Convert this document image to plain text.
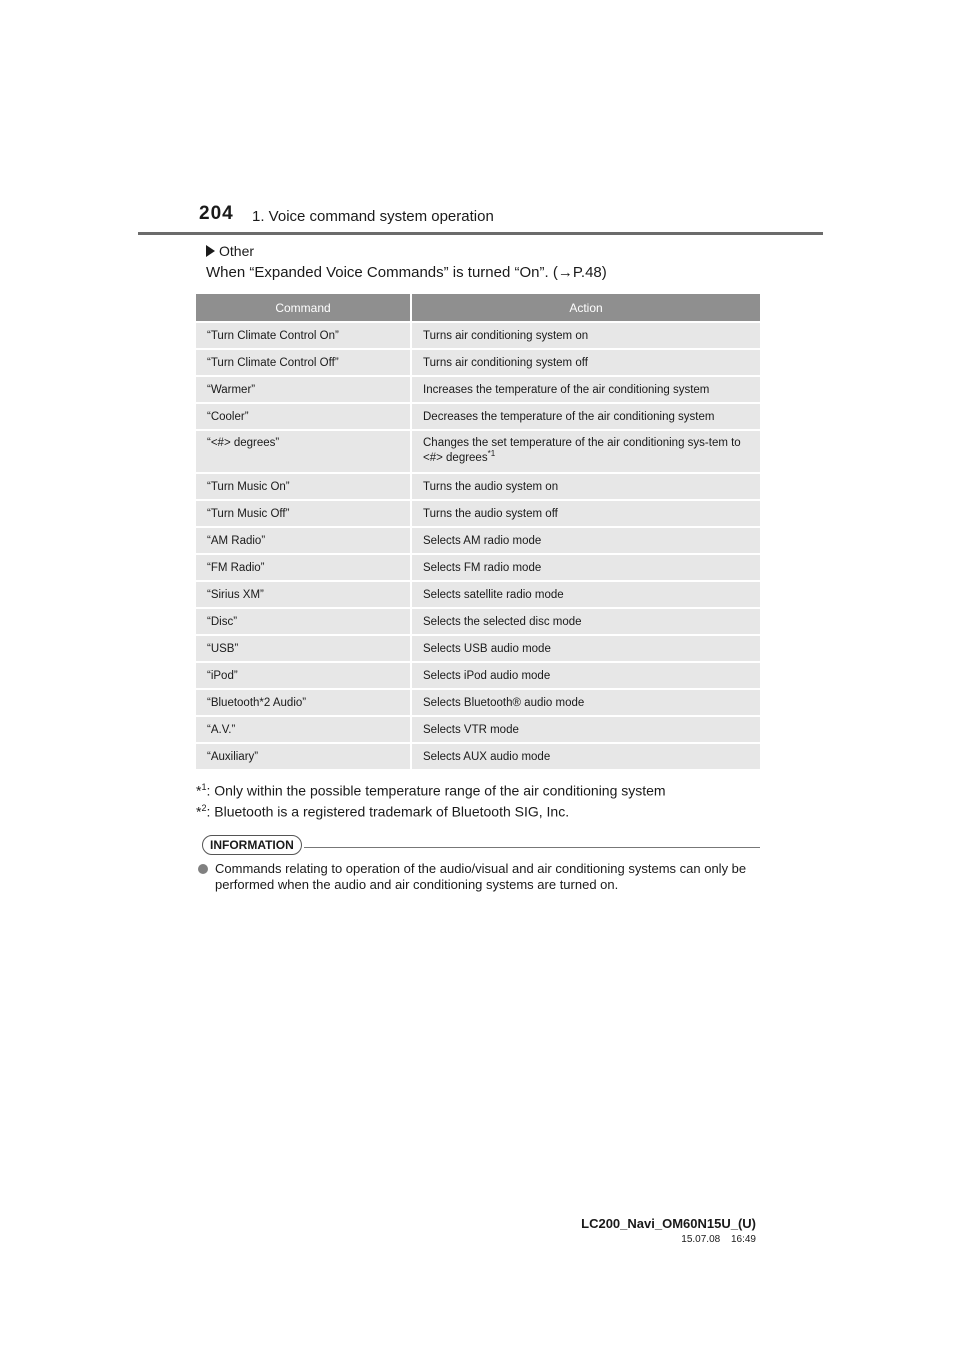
204 1. Voice command system operation
Other
When “Expanded Voice Commands” is turned “On”. (→P.48)
Command	Action
“Turn Climate Control On”	Turns air conditioning system on
“Turn Climate Control Off”	Turns air conditioning system off
“Warmer”	Increases the temperature of the air conditioning system
“Cooler”	Decreases the temperature of the air conditioning system
“<#> degrees”	Changes the set temperature of the air conditioning sys-tem to <#> degrees$^{*1}$
“Turn Music On”	Turns the audio system on
“Turn Music Off”	Turns the audio system off
“AM Radio”	Selects AM radio mode
“FM Radio”	Selects FM radio mode
“Sirius XM”	Selects satellite radio mode
“Disc”	Selects the selected disc mode
“USB”	Selects USB audio mode
“iPod”	Selects iPod audio mode
“Bluetooth*2 Audio”	Selects Bluetooth® audio mode
“A.V.”	Selects VTR mode
“Auxiliary”	Selects AUX audio mode
*$^1$: Only within the possible temperature range of the air conditioning system
*$^2$: Bluetooth is a registered trademark of Bluetooth SIG, Inc.
INFORMATION
Commands relating to operation of the audio/visual and air conditioning systems can only be performed when the audio and air conditioning systems are turned on.
LC200_Navi_OM60N15U_(U)
15.07.08 16:49
